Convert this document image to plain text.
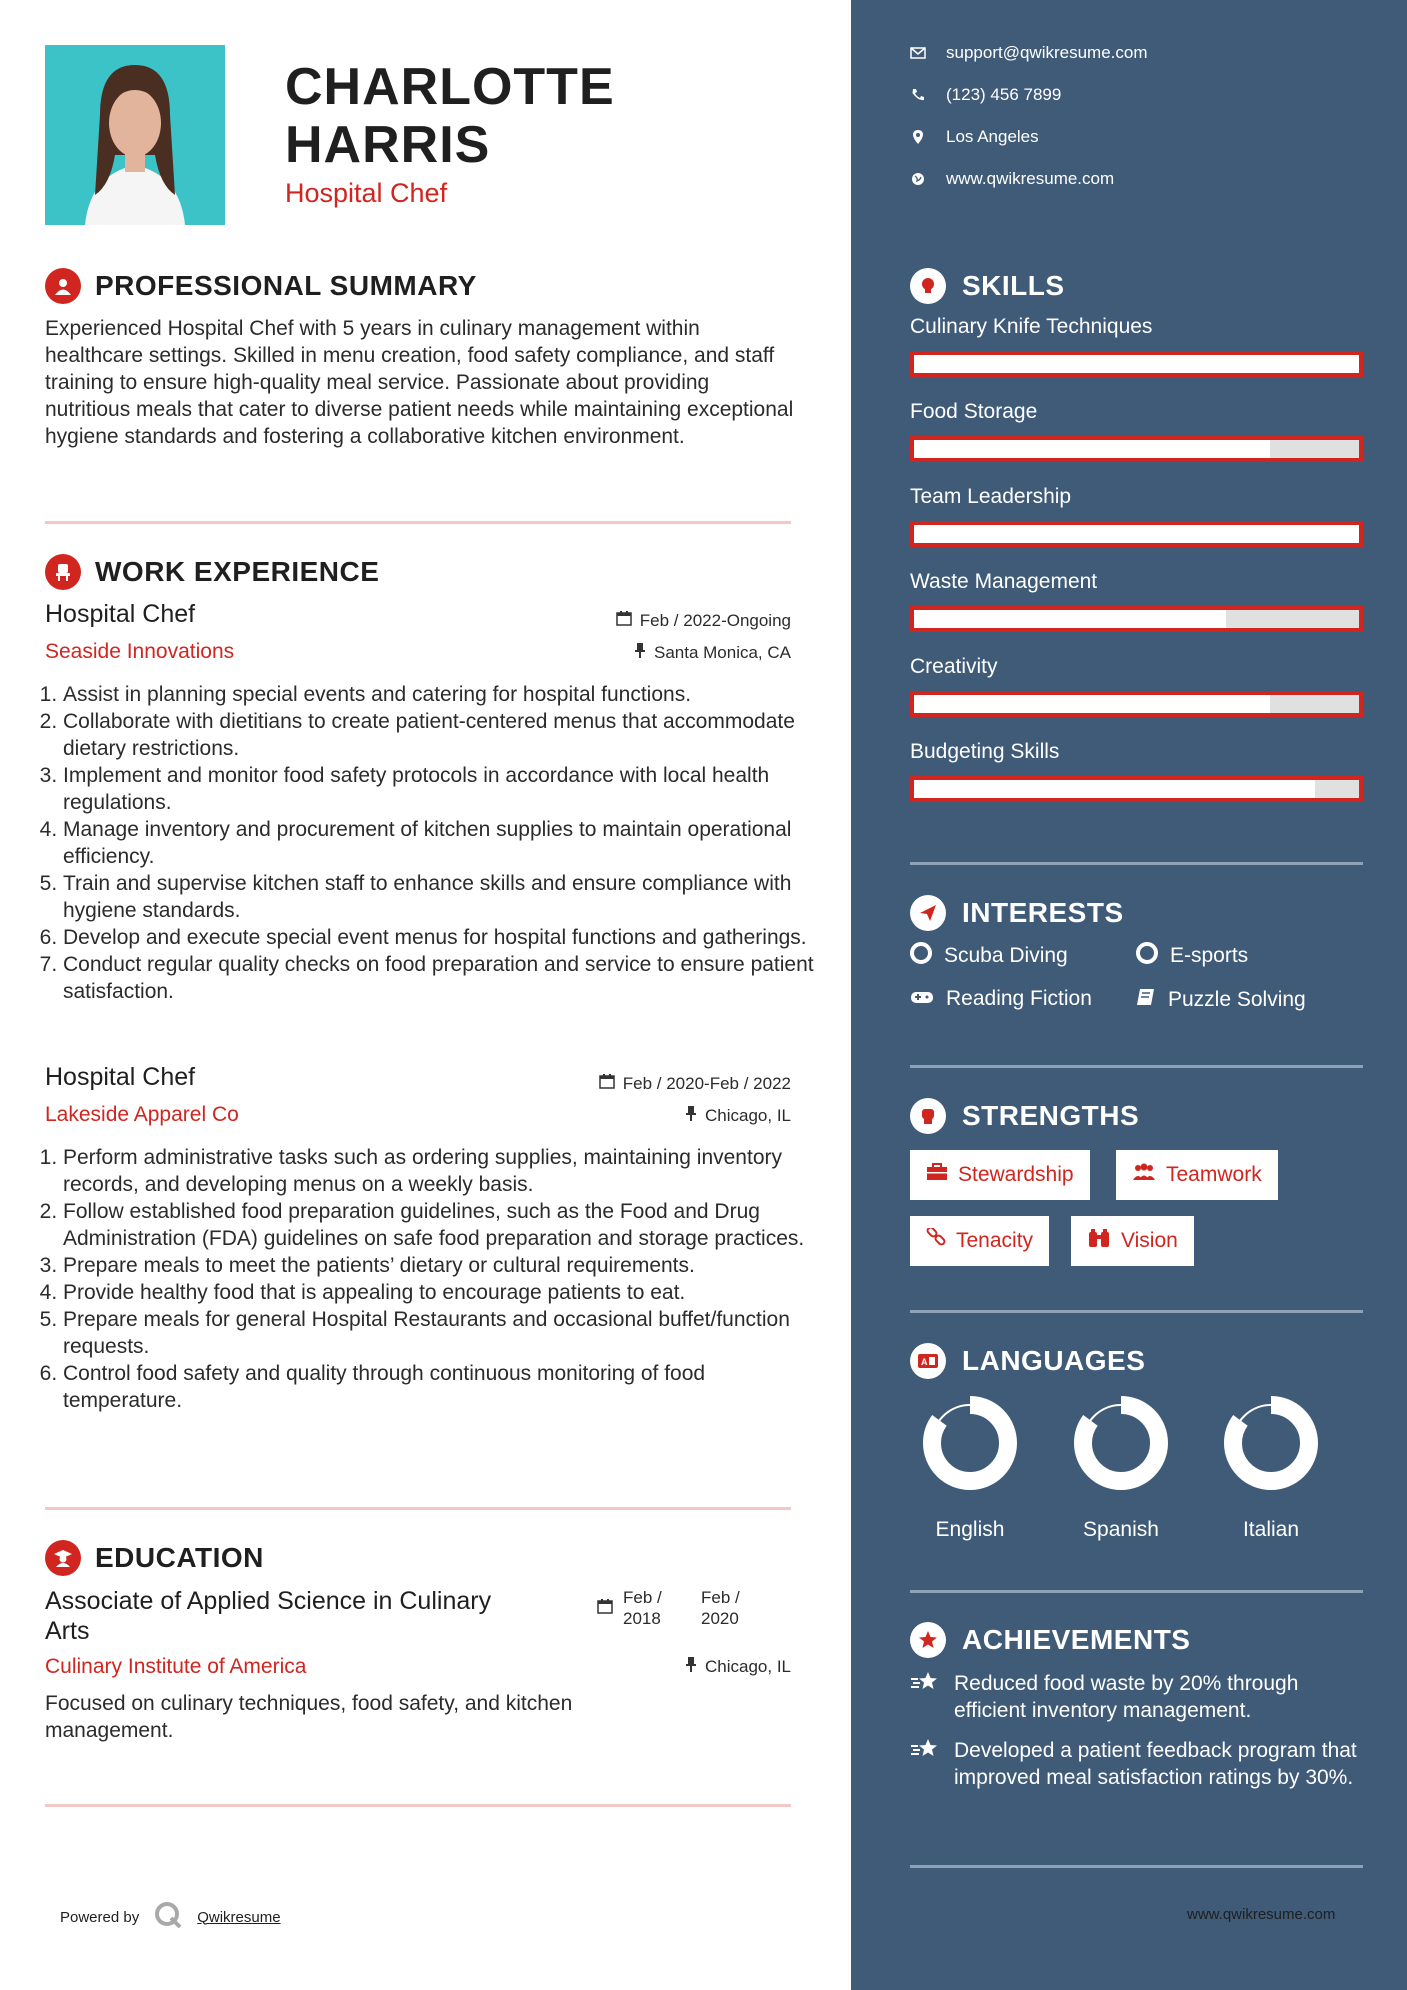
CHARLOTTE
HARRIS
Hospital Chef
PROFESSIONAL SUMMARY

Experienced Hospital Chef with 5 years in culinary management within healthcare settings. Skilled in menu creation, food safety compliance, and staff training to ensure high-quality meal service. Passionate about providing nutritious meals that cater to diverse patient needs while maintaining exceptional hygiene standards and fostering a collaborative kitchen environment.

WORK EXPERIENCE
Hospital Chef	Feb / 2022-Ongoing
Seaside Innovations	Santa Monica, CA
1. Assist in planning special events and catering for hospital functions.
2. Collaborate with dietitians to create patient-centered menus that accommodate dietary restrictions.
3. Implement and monitor food safety protocols in accordance with local health regulations.
4. Manage inventory and procurement of kitchen supplies to maintain operational efficiency.
5. Train and supervise kitchen staff to enhance skills and ensure compliance with hygiene standards.
6. Develop and execute special event menus for hospital functions and gatherings.
7. Conduct regular quality checks on food preparation and service to ensure patient satisfaction.
Hospital Chef	Feb / 2020-Feb / 2022
Lakeside Apparel Co	Chicago, IL
1. Perform administrative tasks such as ordering supplies, maintaining inventory records, and developing menus on a weekly basis.
2. Follow established food preparation guidelines, such as the Food and Drug Administration (FDA) guidelines on safe food preparation and storage practices.
3. Prepare meals to meet the patients’ dietary or cultural requirements.
4. Provide healthy food that is appealing to encourage patients to eat.
5. Prepare meals for general Hospital Restaurants and occasional buffet/function requests.
6. Control food safety and quality through continuous monitoring of food temperature.
EDUCATION
Associate of Applied Science in Culinary
Arts
Feb /
2018
Feb /
2020
Culinary Institute of America	Chicago, IL

Focused on culinary techniques, food safety, and kitchen management.

Powered by	Qwikresume
support@qwikresume.com
(123) 456 7899
Los Angeles
www.qwikresume.com
SKILLS
Culinary Knife Techniques
Food Storage
Team Leadership
Waste Management
Creativity
Budgeting Skills
INTERESTS
Scuba Diving	E-sports
Reading Fiction	Puzzle Solving
STRENGTHS
Stewardship	Teamwork
Tenacity	Vision
A LANGUAGES
English	Spanish	Italian
ACHIEVEMENTS
Reduced food waste by 20% through efficient inventory management.
Developed a patient feedback program that improved meal satisfaction ratings by 30%.
www.qwikresume.com
